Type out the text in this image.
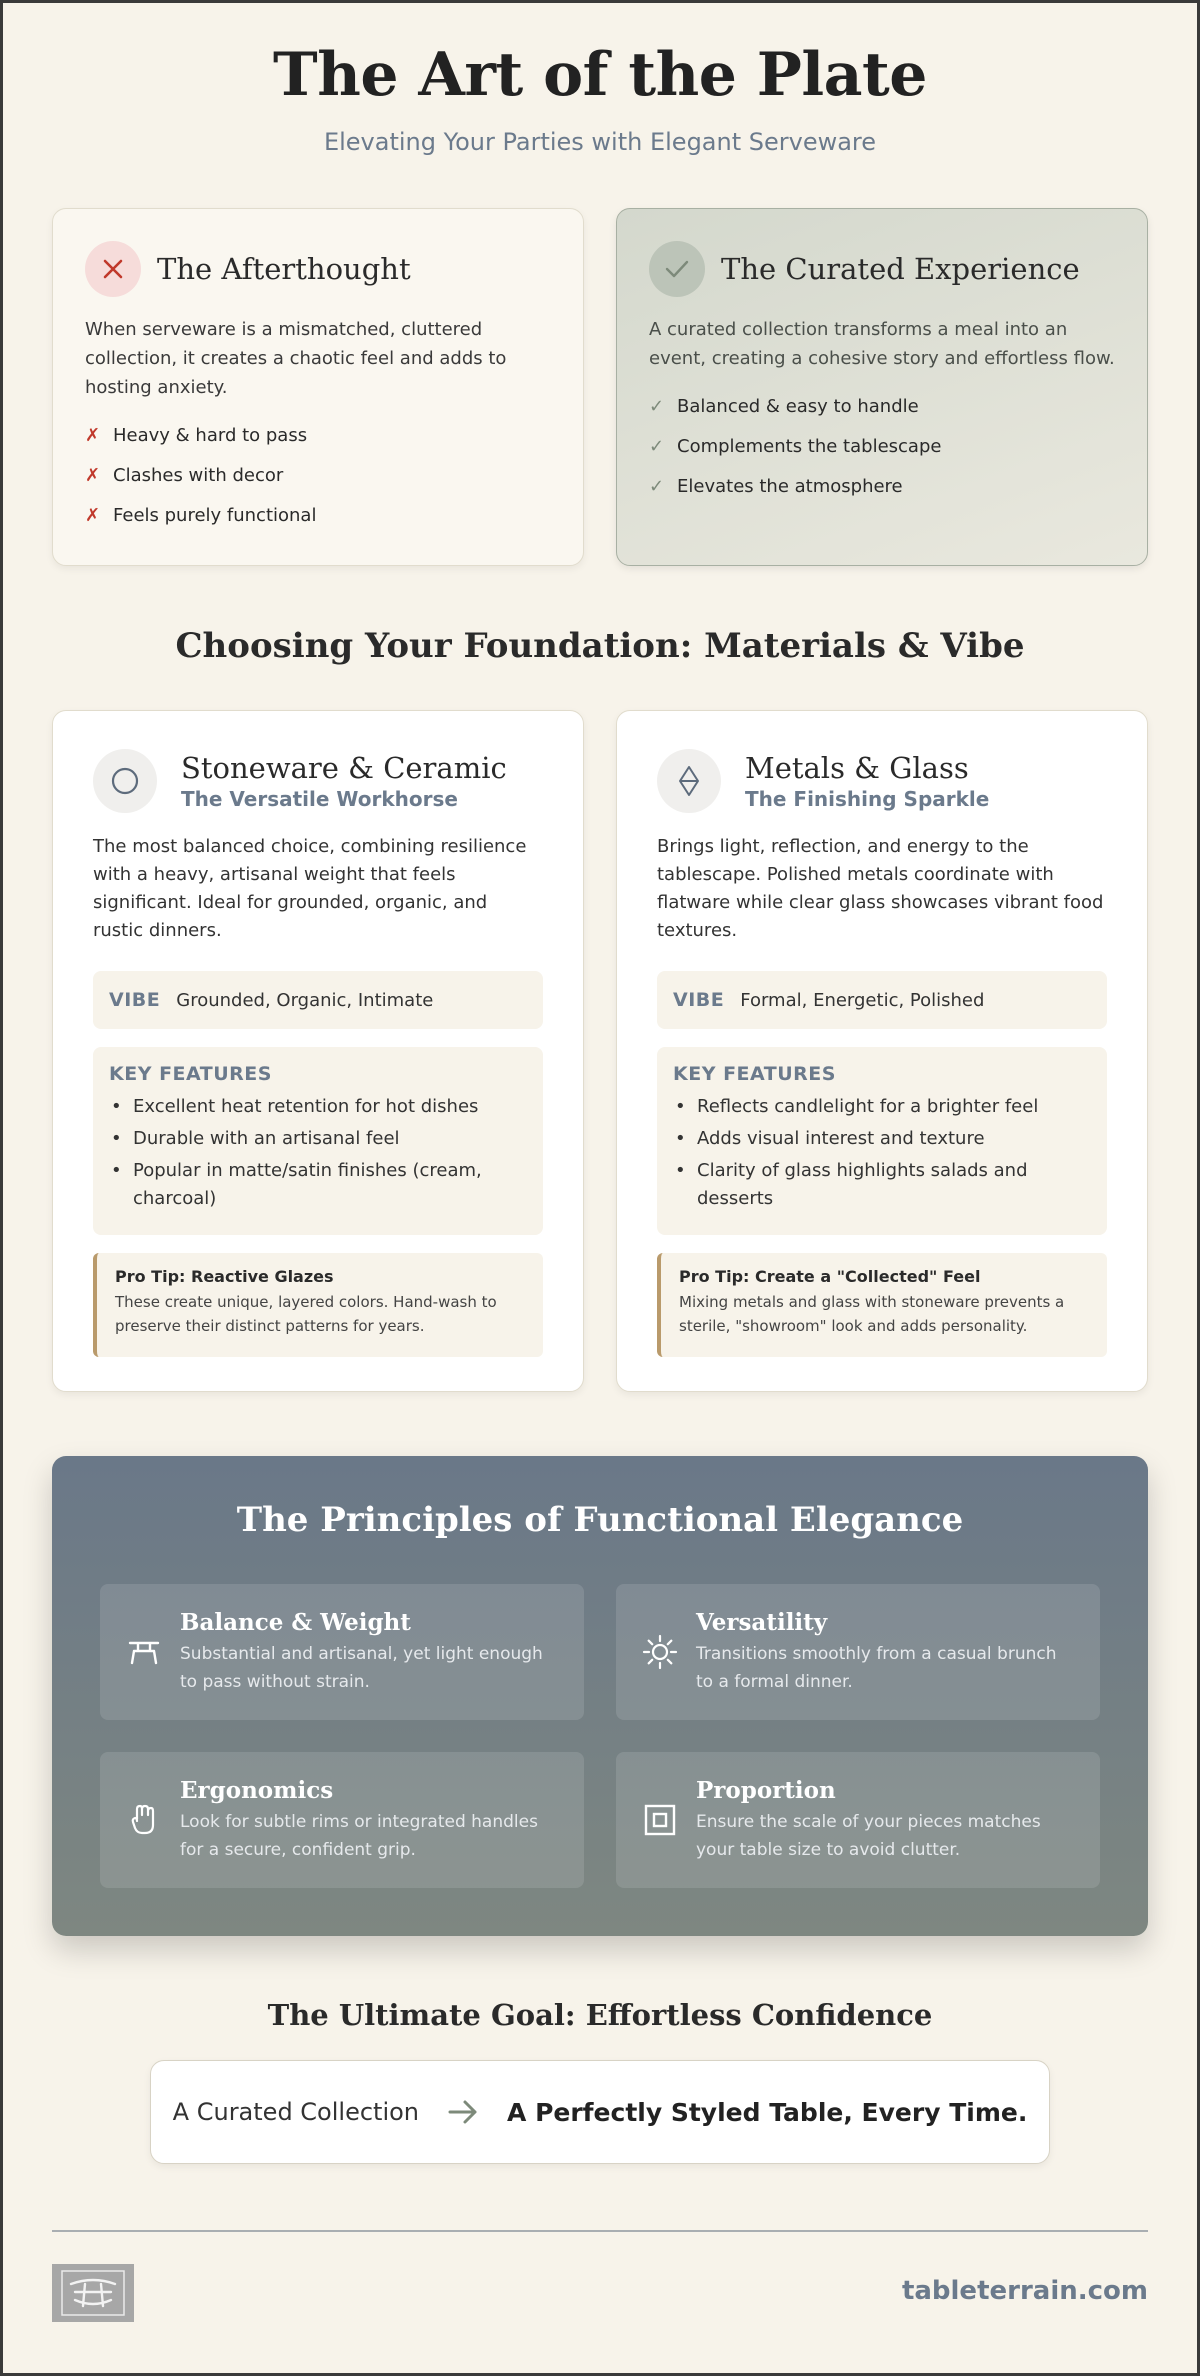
The Art of the Plate
Elevating Your Parties with Elegant Serveware
The Afterthought

When serveware is a mismatched, cluttered collection, it creates a chaotic feel and adds to hosting anxiety.

✗ Heavy & hard to pass
✗ Clashes with decor
✗ Feels purely functional
The Curated Experience

A curated collection transforms a meal into an event, creating a cohesive story and effortless flow.

✓ Balanced & easy to handle
✓ Complements the tablescape
✓ Elevates the atmosphere
Choosing Your Foundation: Materials & Vibe
Stoneware & Ceramic
The Versatile Workhorse

The most balanced choice, combining resilience with a heavy, artisanal weight that feels significant. Ideal for grounded, organic, and rustic dinners.

VIBE Grounded, Organic, Intimate
KEY FEATURES
• Excellent heat retention for hot dishes
• Durable with an artisanal feel
• Popular in matte/satin finishes (cream, charcoal)
Pro Tip: Reactive Glazes
These create unique, layered colors. Hand-wash to preserve their distinct patterns for years.
Metals & Glass
The Finishing Sparkle

Brings light, reflection, and energy to the tablescape. Polished metals coordinate with flatware while clear glass showcases vibrant food textures.

VIBE Formal, Energetic, Polished
KEY FEATURES
• Reflects candlelight for a brighter feel
• Adds visual interest and texture
• Clarity of glass highlights salads and desserts
Pro Tip: Create a "Collected" Feel
Mixing metals and glass with stoneware prevents a sterile, "showroom" look and adds personality.
The Principles of Functional Elegance
Balance & Weight
Substantial and artisanal, yet light enough to pass without strain.
Versatility
Transitions smoothly from a casual brunch to a formal dinner.
Ergonomics
Look for subtle rims or integrated handles for a secure, confident grip.
Proportion
Ensure the scale of your pieces matches your table size to avoid clutter.
The Ultimate Goal: Effortless Confidence
A Curated Collection	A Perfectly Styled Table, Every Time.
tableterrain.com
